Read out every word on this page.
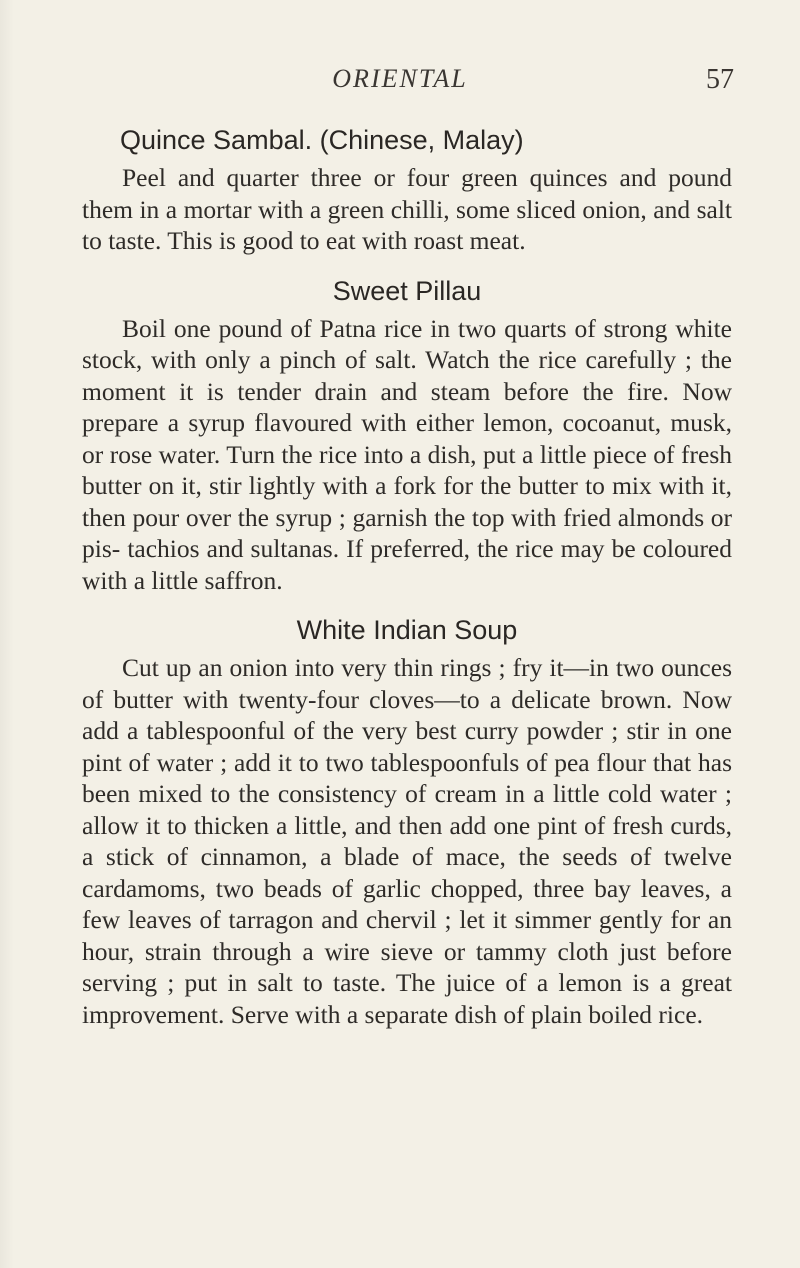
ORIENTAL	57
Quince Sambal. (Chinese, Malay)

Peel and quarter three or four green quinces and pound them in a mortar with a green chilli, some sliced onion, and salt to taste. This is good to eat with roast meat.

Sweet Pillau

Boil one pound of Patna rice in two quarts of strong white stock, with only a pinch of salt. Watch the rice carefully ; the moment it is tender drain and steam before the fire. Now prepare a syrup flavoured with either lemon, cocoanut, musk, or rose water. Turn the rice into a dish, put a little piece of fresh butter on it, stir lightly with a fork for the butter to mix with it, then pour over the syrup ; garnish the top with fried almonds or pis- tachios and sultanas. If preferred, the rice may be coloured with a little saffron.

White Indian Soup

Cut up an onion into very thin rings ; fry it—in two ounces of butter with twenty-four cloves—to a delicate brown. Now add a tablespoonful of the very best curry powder ; stir in one pint of water ; add it to two tablespoonfuls of pea flour that has been mixed to the consistency of cream in a little cold water ; allow it to thicken a little, and then add one pint of fresh curds, a stick of cinnamon, a blade of mace, the seeds of twelve cardamoms, two beads of garlic chopped, three bay leaves, a few leaves of tarragon and chervil ; let it simmer gently for an hour, strain through a wire sieve or tammy cloth just before serving ; put in salt to taste. The juice of a lemon is a great improvement. Serve with a separate dish of plain boiled rice.
